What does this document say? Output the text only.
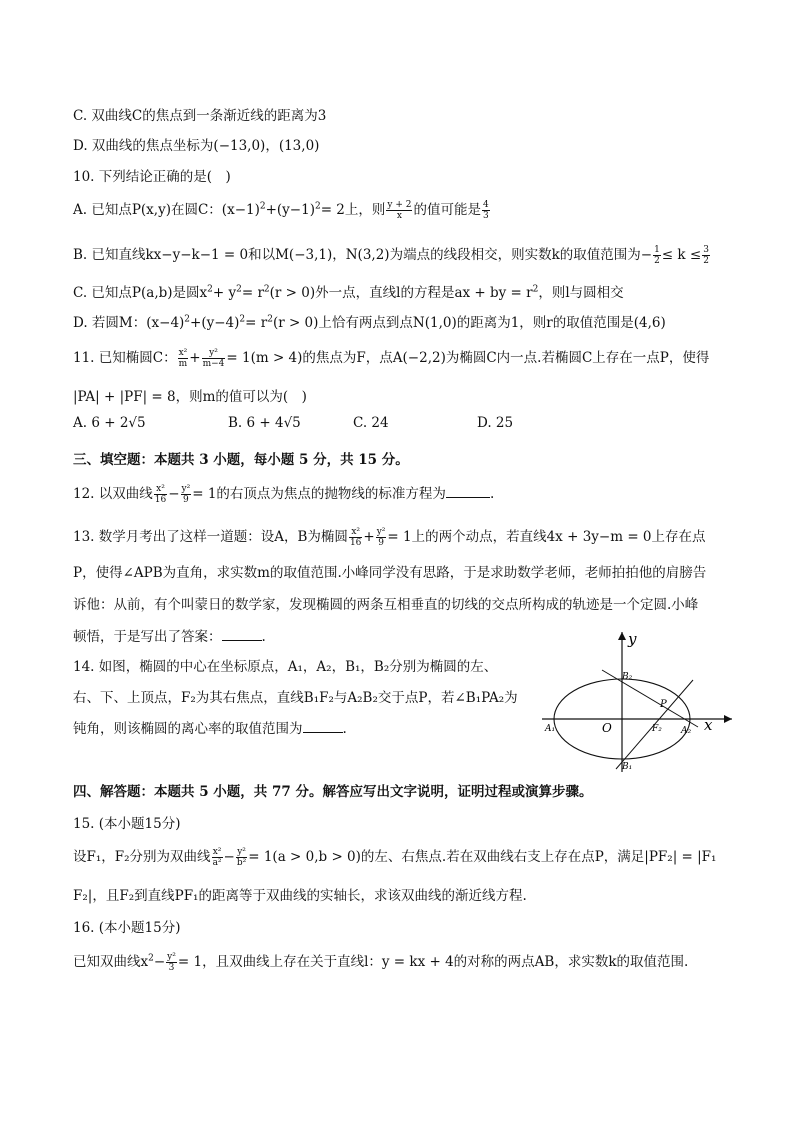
C. 双曲线C的焦点到一条渐近线的距离为3
D. 双曲线的焦点坐标为(−13,0)，(13,0)
10. 下列结论正确的是(　)
A. 已知点P(x,y)在圆C：$(x-1)^2+(y-1)^2= 2$上，则 $\frac{y + 2}{x}$ 的值可能是 $\frac{4}{3}$
B. 已知直线kx−y−k−1 = 0和以M(−3,1)，N(3,2)为端点的线段相交，则实数k的取值范围为− $\frac{1}{2} \le k \le \frac{3}{2}$
C. 已知点P(a,b)是圆$x^2+ y^2= r^2(r > 0)$外一点，直线l的方程是ax + by = $r^2$，则l与圆相交
D. 若圆M：$(x-4)^2+(y-4)^2= r^2(r > 0)$上恰有两点到点N(1,0)的距离为1，则r的取值范围是(4,6)
11. 已知椭圆C： $\frac{\text{x²}}{m} + \frac{\text{y²}}{m-4} = 1(m > 4)$的焦点为F，点A(−2,2)为椭圆C内一点.若椭圆C上存在一点P，使得
|PA| + |PF| = 8，则m的值可以为(　)
A. 6 + 2√5	B. 6 + 4√5	C. 24	D. 25
三、填空题：本题共 3 小题，每小题 5 分，共 15 分。
12. 以双曲线 $\frac{\text{x²}}{16} - \frac{\text{y²}}{9} = 1$的右顶点为焦点的抛物线的标准方程为	.
13. 数学月考出了这样一道题：设A，B为椭圆 $\frac{\text{x²}}{16} + \frac{\text{y²}}{9} = 1$上的两个动点，若直线4x + 3y−m = 0上存在点
P，使得∠APB为直角，求实数m的取值范围.小峰同学没有思路，于是求助数学老师，老师拍拍他的肩膀告
诉他：从前，有个叫蒙日的数学家，发现椭圆的两条互相垂直的切线的交点所构成的轨迹是一个定圆.小峰
顿悟，于是写出了答案：	.
14. 如图，椭圆的中心在坐标原点，A₁，A₂，B₁，B₂分别为椭圆的左、
右、下、上顶点，F₂为其右焦点，直线B₁F₂与A₂B₂交于点P，若∠B₁PA₂为
钝角，则该椭圆的离心率的取值范围为	.
y
x
O
B₂
B₁
A₁	A₂
F₂
P
四、解答题：本题共 5 小题，共 77 分。解答应写出文字说明，证明过程或演算步骤。
15. (本小题15分)
设F₁，F₂分别为双曲线 $\frac{\text{x²}}{\text{a²}} - \frac{\text{y²}}{\text{b²}} = 1(a > 0,b > 0)$的左、右焦点.若在双曲线右支上存在点P，满足|PF₂| = |F₁
F₂|，且F₂到直线PF₁的距离等于双曲线的实轴长，求该双曲线的渐近线方程.
16. (本小题15分)
已知双曲线$x^2- \frac{\text{y²}}{3} = 1$，且双曲线上存在关于直线l：y = kx + 4的对称的两点AB，求实数k的取值范围.
